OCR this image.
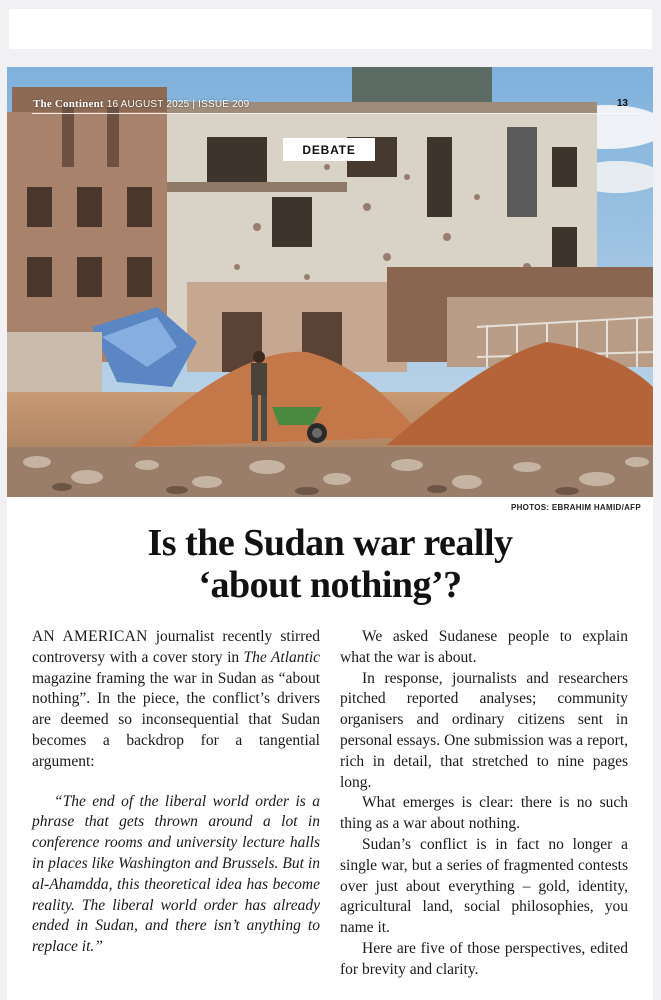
The Continent 16 AUGUST 2025 | ISSUE 209	13
DEBATE
PHOTOS: EBRAHIM HAMID/AFP
Is the Sudan war really
‘about nothing’?

AN AMERICAN journalist recently stirred controversy with a cover story in The Atlantic magazine framing the war in Sudan as “about nothing”. In the piece, the conflict’s drivers are deemed so inconsequential that Sudan becomes a backdrop for a tangential argument:

“The end of the liberal world order is a phrase that gets thrown around a lot in conference rooms and university lecture halls in places like Washington and Brussels. But in al-Ahamdda, this theoretical idea has become reality. The liberal world order has already ended in Sudan, and there isn’t anything to replace it.”

We asked Sudanese people to explain what the war is about.

In response, journalists and researchers pitched reported analyses; community organisers and ordinary citizens sent in personal essays. One submission was a report, rich in detail, that stretched to nine pages long.

What emerges is clear: there is no such thing as a war about nothing.

Sudan’s conflict is in fact no longer a single war, but a series of fragmented contests over just about everything – gold, identity, agricultural land, social philosophies, you name it.

Here are five of those perspectives, edited for brevity and clarity.
